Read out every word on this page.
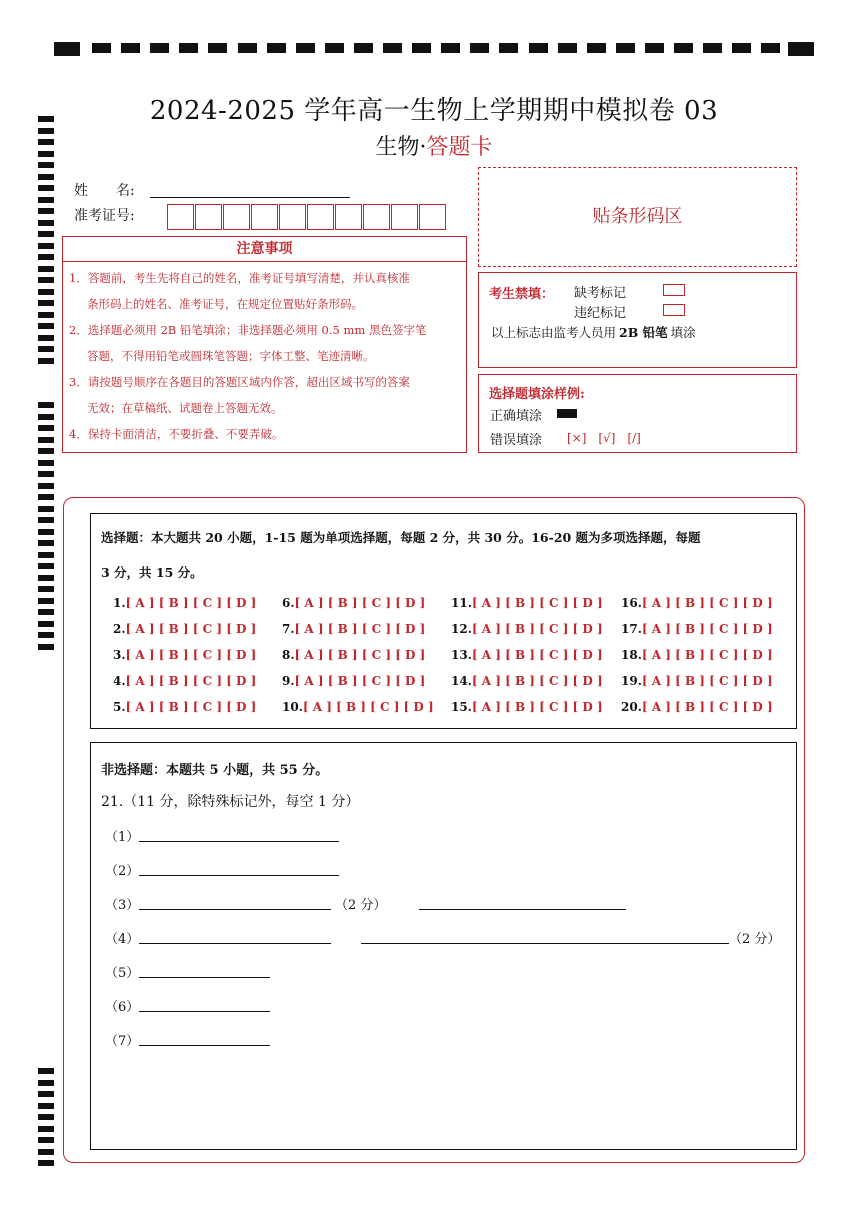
2024-2025 学年高一生物上学期期中模拟卷 03
生物·答题卡
姓　　名:
准考证号:	贴条形码区
注意事项
1．答题前，考生先将自己的姓名，准考证号填写清楚，并认真核准
条形码上的姓名、准考证号，在规定位置贴好条形码。
2．选择题必须用 2B 铅笔填涂；非选择题必须用 0.5 mm 黑色签字笔
答题，不得用铅笔或圆珠笔答题；字体工整、笔迹清晰。
3．请按题号顺序在各题目的答题区域内作答，超出区域书写的答案
无效；在草稿纸、试题卷上答题无效。
4．保持卡面清洁，不要折叠、不要弄破。
考生禁填： 缺考标记
违纪标记
以上标志由监考人员用 2B 铅笔 填涂
选择题填涂样例:
正确填涂
错误填涂 [×]　[√]　[/]
选择题：本大题共 20 小题，1-15 题为单项选择题，每题 2 分，共 30 分。16-20 题为多项选择题，每题
3 分，共 15 分。
1.[ A ] [ B ] [ C ] [ D ]
2.[ A ] [ B ] [ C ] [ D ]
3.[ A ] [ B ] [ C ] [ D ]
4.[ A ] [ B ] [ C ] [ D ]
5.[ A ] [ B ] [ C ] [ D ]
6.[ A ] [ B ] [ C ] [ D ]
7.[ A ] [ B ] [ C ] [ D ]
8.[ A ] [ B ] [ C ] [ D ]
9.[ A ] [ B ] [ C ] [ D ]
10.[ A ] [ B ] [ C ] [ D ]
11.[ A ] [ B ] [ C ] [ D ]
12.[ A ] [ B ] [ C ] [ D ]
13.[ A ] [ B ] [ C ] [ D ]
14.[ A ] [ B ] [ C ] [ D ]
15.[ A ] [ B ] [ C ] [ D ]
16.[ A ] [ B ] [ C ] [ D ]
17.[ A ] [ B ] [ C ] [ D ]
18.[ A ] [ B ] [ C ] [ D ]
19.[ A ] [ B ] [ C ] [ D ]
20.[ A ] [ B ] [ C ] [ D ]
非选择题：本题共 5 小题，共 55 分。
21.（11 分，除特殊标记外，每空 1 分）
（1）
（2）
（3）	（2 分）
（4）	（2 分）
（5）
（6）
（7）
